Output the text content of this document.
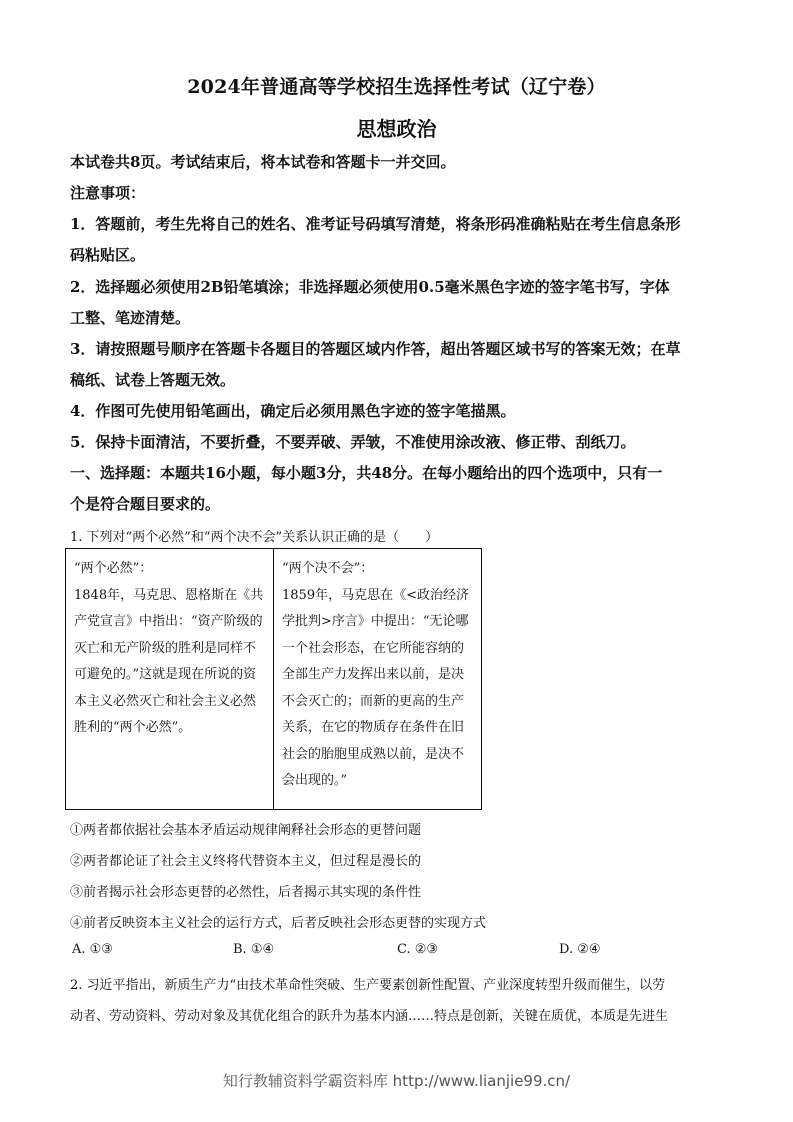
2024年普通高等学校招生选择性考试（辽宁卷）
思想政治
本试卷共8页。考试结束后，将本试卷和答题卡一并交回。
注意事项：
1．答题前，考生先将自己的姓名、准考证号码填写清楚，将条形码准确粘贴在考生信息条形
码粘贴区。
2．选择题必须使用2B铅笔填涂；非选择题必须使用0.5毫米黑色字迹的签字笔书写，字体
工整、笔迹清楚。
3．请按照题号顺序在答题卡各题目的答题区域内作答，超出答题区域书写的答案无效；在草
稿纸、试卷上答题无效。
4．作图可先使用铅笔画出，确定后必须用黑色字迹的签字笔描黑。
5．保持卡面清洁，不要折叠，不要弄破、弄皱，不准使用涂改液、修正带、刮纸刀。
一、选择题：本题共16小题，每小题3分，共48分。在每小题给出的四个选项中，只有一
个是符合题目要求的。
1. 下列对“两个必然”和“两个决不会”关系认识正确的是（　　）
“两个必然”：
1848年，马克思、恩格斯在《共产党宣言》中指出：“资产阶级的灭亡和无产阶级的胜利是同样不可避免的。”这就是现在所说的资本主义必然灭亡和社会主义必然胜利的“两个必然”。

“两个决不会”：
1859年，马克思在《<政治经济学批判>序言》中提出：“无论哪一个社会形态，在它所能容纳的全部生产力发挥出来以前，是决不会灭亡的；而新的更高的生产关系，在它的物质存在条件在旧社会的胎胞里成熟以前，是决不会出现的。”
①两者都依据社会基本矛盾运动规律阐释社会形态的更替问题
②两者都论证了社会主义终将代替资本主义，但过程是漫长的
③前者揭示社会形态更替的必然性，后者揭示其实现的条件性
④前者反映资本主义社会的运行方式，后者反映社会形态更替的实现方式
A. ①③	B. ①④	C. ②③	D. ②④
2. 习近平指出，新质生产力“由技术革命性突破、生产要素创新性配置、产业深度转型升级而催生，以劳
动者、劳动资料、劳动对象及其优化组合的跃升为基本内涵……特点是创新，关键在质优，本质是先进生
知行教辅资料学霸资料库 http://www.lianjie99.cn/
